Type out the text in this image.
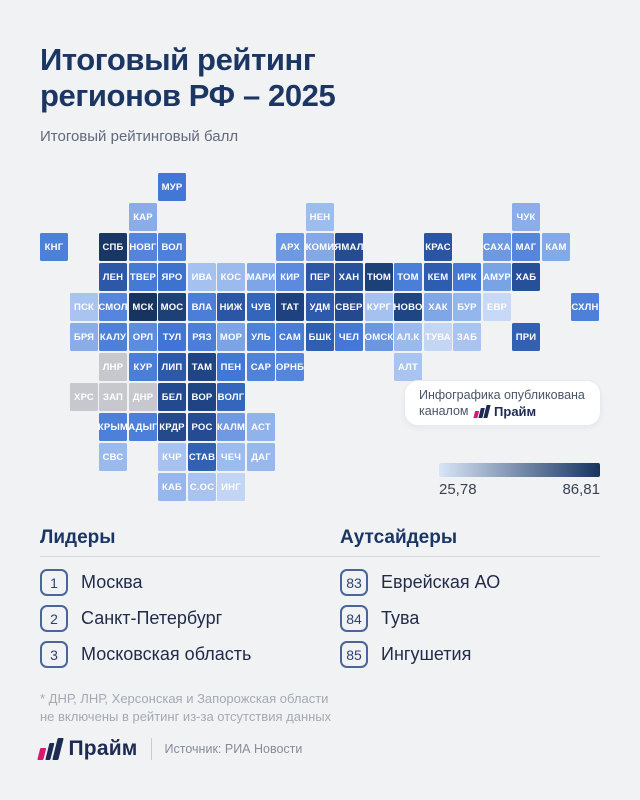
Итоговый рейтинг
регионов РФ – 2025
Итоговый рейтинговый балл
МУР
КАР	НЕН	ЧУК
КНГ	СПБ НОВГ ВОЛ	АРХ КОМИ ЯМАЛ	КРАС	САХА МАГ КАМ
ЛЕН ТВЕР ЯРО ИВА КОС МАРИ КИР	ПЕР ХАН ТЮМ ТОМ КЕМ ИРК АМУР ХАБ
ПСК СМОЛ МСК МОС ВЛА НИЖ ЧУВ	ТАТ	УДМ СВЕР КУРГ НОВО ХАК БУР	ЕВР	СХЛН
БРЯ КАЛУ ОРЛ ТУЛ	РЯЗ МОР УЛЬ САМ БШК ЧЕЛ ОМСК АЛ.К ТУВА ЗАБ	ПРИ
ЛНР	КУР ЛИП ТАМ ПЕН САР ОРНБ	АЛТ
ХРС ЗАП	ДНР БЕЛ ВОР ВОЛГ
КРЫМ АДЫГ КРДР РОС КАЛМ АСТ
СВС	КЧР СТАВ ЧЕЧ	ДАГ
КАБ С.ОС ИНГ
Инфографика опубликована
каналом Прайм
25,78	86,81
Лидеры	Аутсайдеры
1	Москва
2	Санкт-Петербург
3	Московская область
83	Еврейская АО
84	Тува
85	Ингушетия
* ДНР, ЛНР, Херсонская и Запорожская области
не включены в рейтинг из-за отсутствия данных
Прайм Источник: РИА Новости
